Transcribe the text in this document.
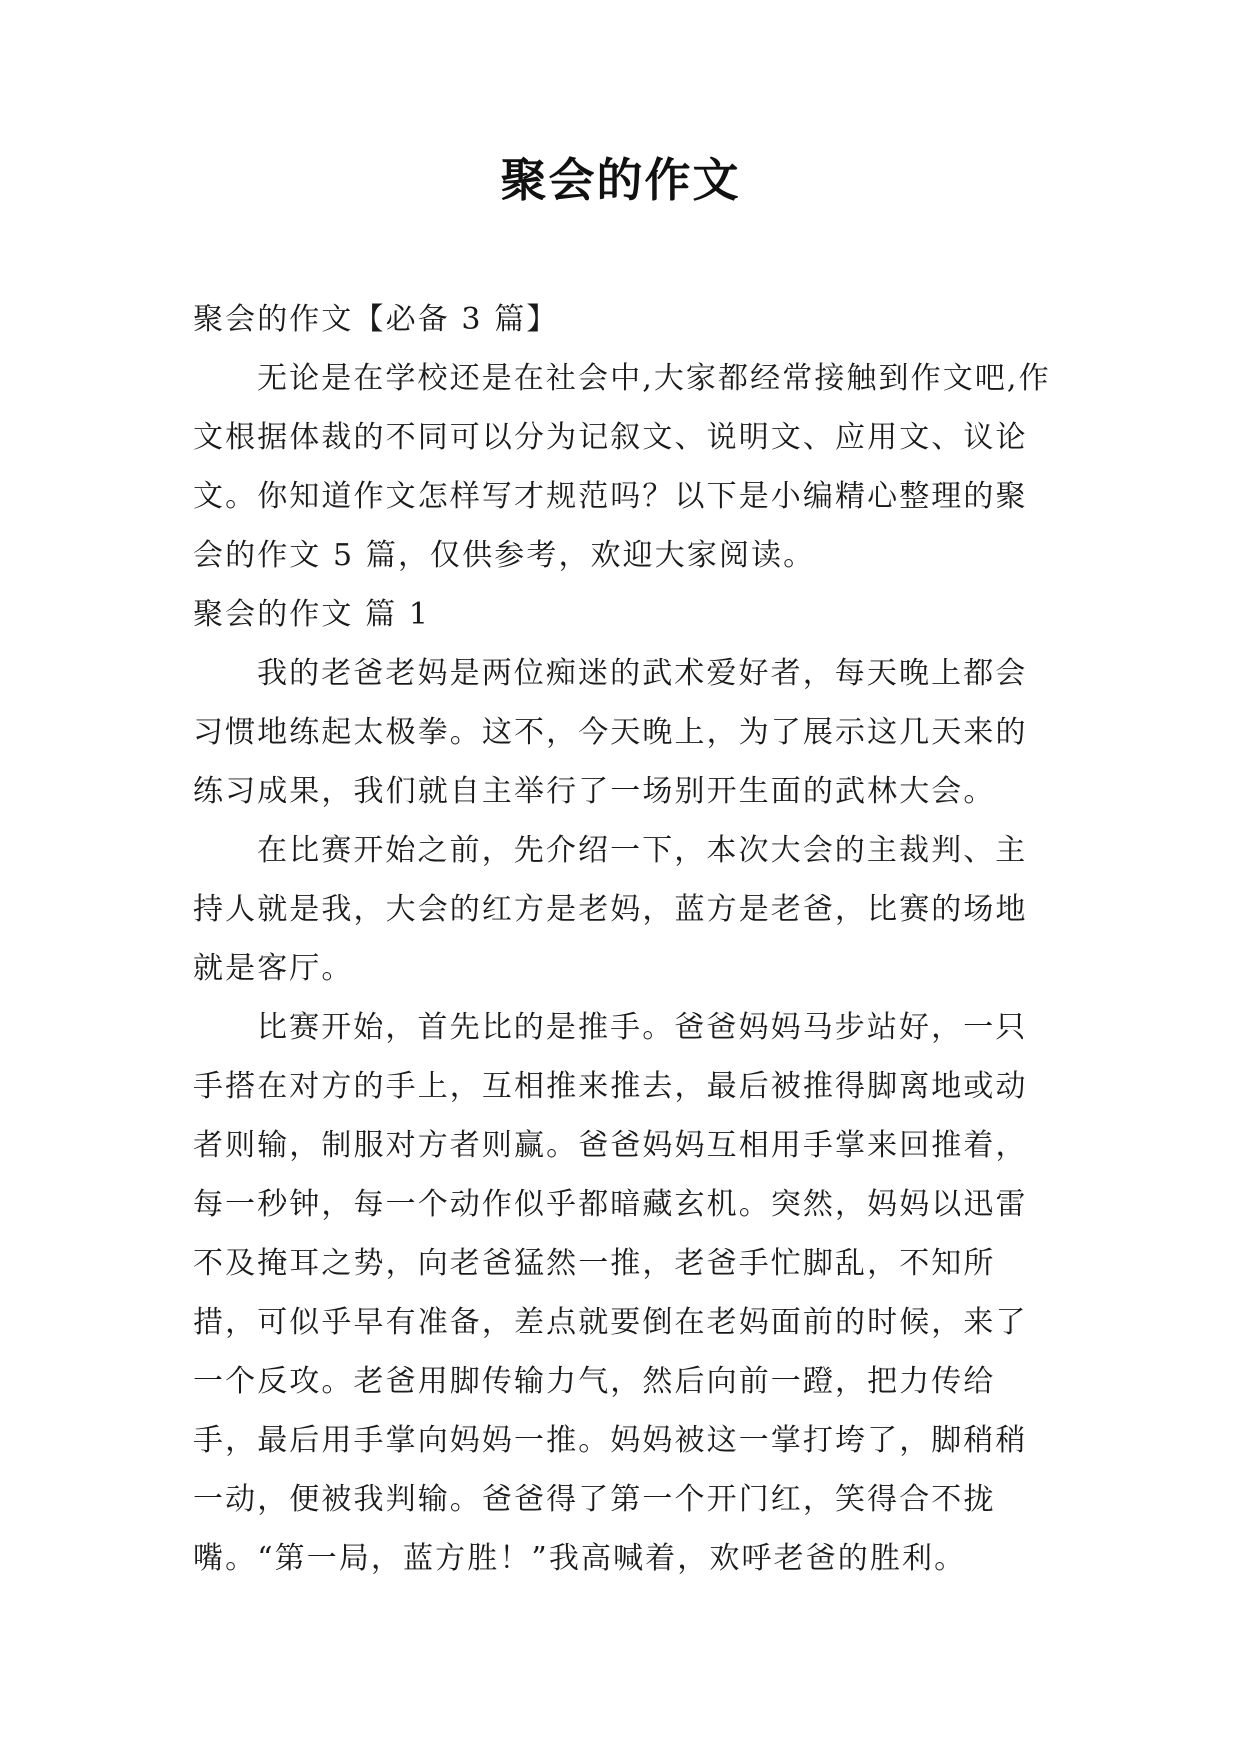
聚会的作文

聚会的作文【必备 3 篇】

无论是在学校还是在社会中,大家都经常接触到作文吧,作文根据体裁的不同可以分为记叙文、说明文、应用文、议论文。你知道作文怎样写才规范吗？以下是小编精心整理的聚会的作文 5 篇，仅供参考，欢迎大家阅读。

聚会的作文 篇 1

我的老爸老妈是两位痴迷的武术爱好者，每天晚上都会习惯地练起太极拳。这不，今天晚上，为了展示这几天来的练习成果，我们就自主举行了一场别开生面的武林大会。

在比赛开始之前，先介绍一下，本次大会的主裁判、主持人就是我，大会的红方是老妈，蓝方是老爸，比赛的场地就是客厅。

比赛开始，首先比的是推手。爸爸妈妈马步站好，一只手搭在对方的手上，互相推来推去，最后被推得脚离地或动者则输，制服对方者则赢。爸爸妈妈互相用手掌来回推着，每一秒钟，每一个动作似乎都暗藏玄机。突然，妈妈以迅雷不及掩耳之势，向老爸猛然一推，老爸手忙脚乱，不知所措，可似乎早有准备，差点就要倒在老妈面前的时候，来了一个反攻。老爸用脚传输力气，然后向前一蹬，把力传给手，最后用手掌向妈妈一推。妈妈被这一掌打垮了，脚稍稍一动，便被我判输。爸爸得了第一个开门红，笑得合不拢嘴。“第一局，蓝方胜！”我高喊着，欢呼老爸的胜利。
